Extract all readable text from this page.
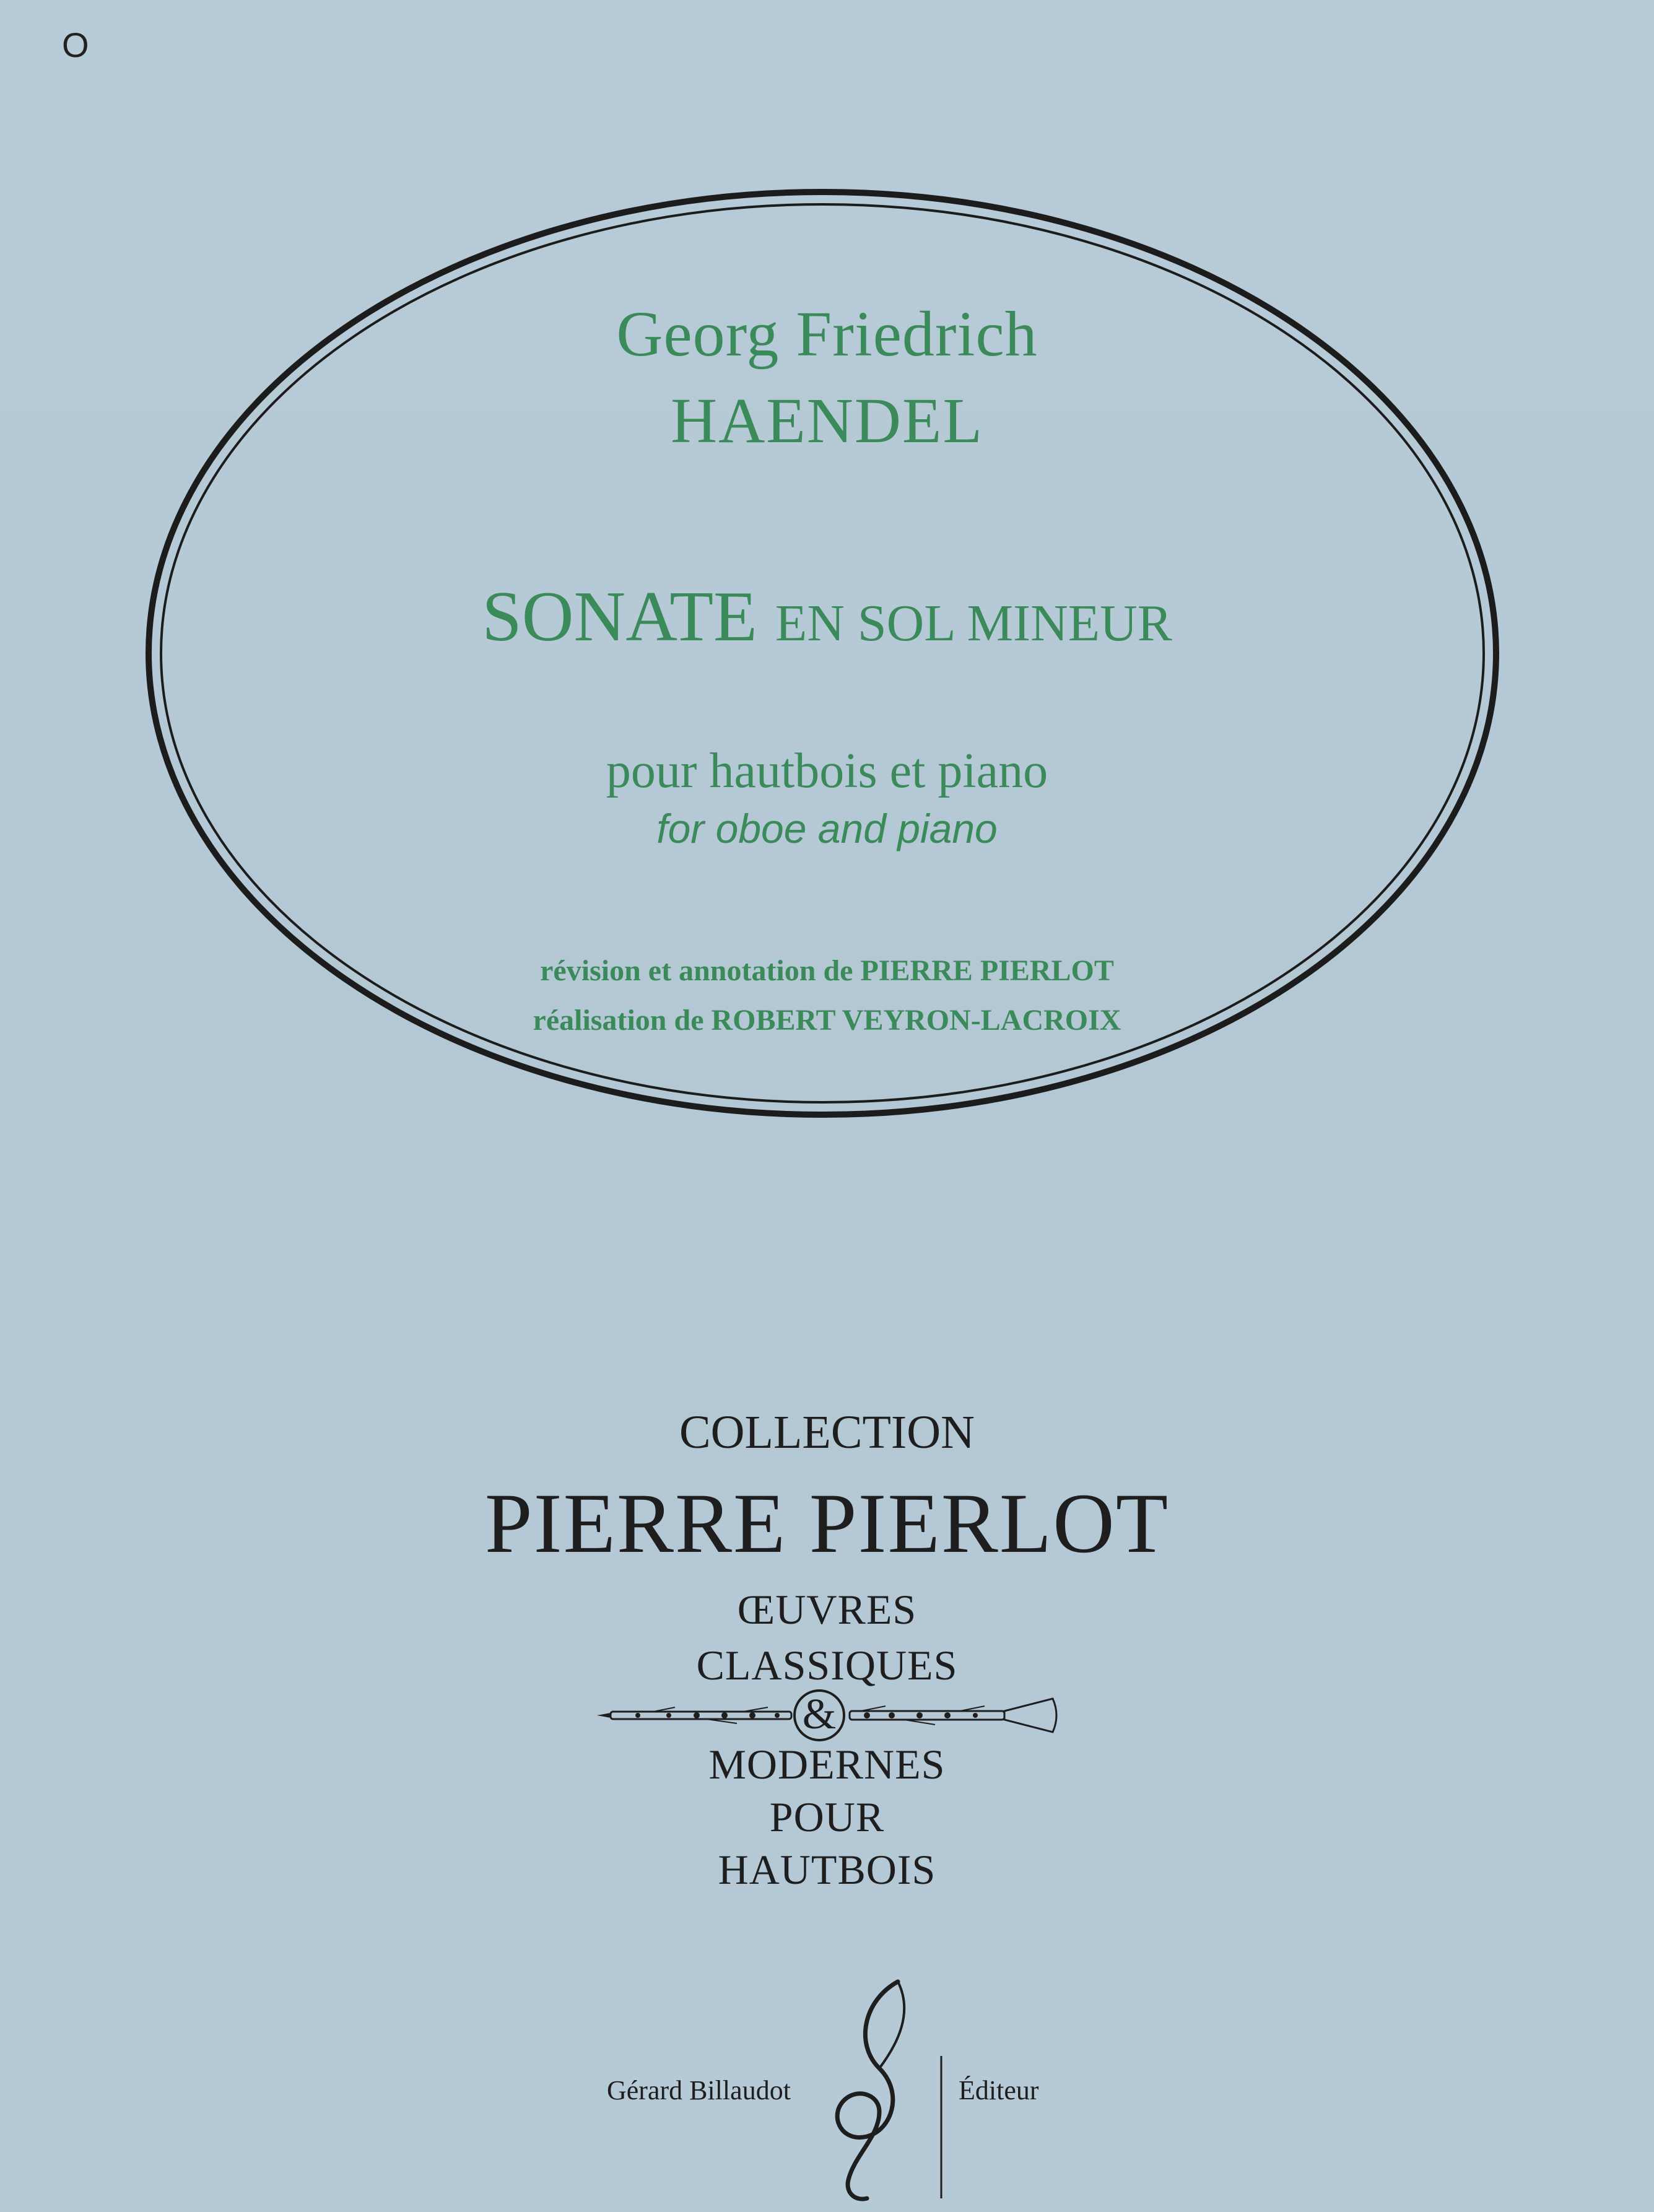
O
Georg Friedrich
HAENDEL
SONATE EN SOL MINEUR
pour hautbois et piano
for oboe and piano
révision et annotation de PIERRE PIERLOT
réalisation de ROBERT VEYRON-LACROIX
COLLECTION
PIERRE PIERLOT
ŒUVRES
CLASSIQUES
&
MODERNES
POUR
HAUTBOIS
Gérard Billaudot	Éditeur
